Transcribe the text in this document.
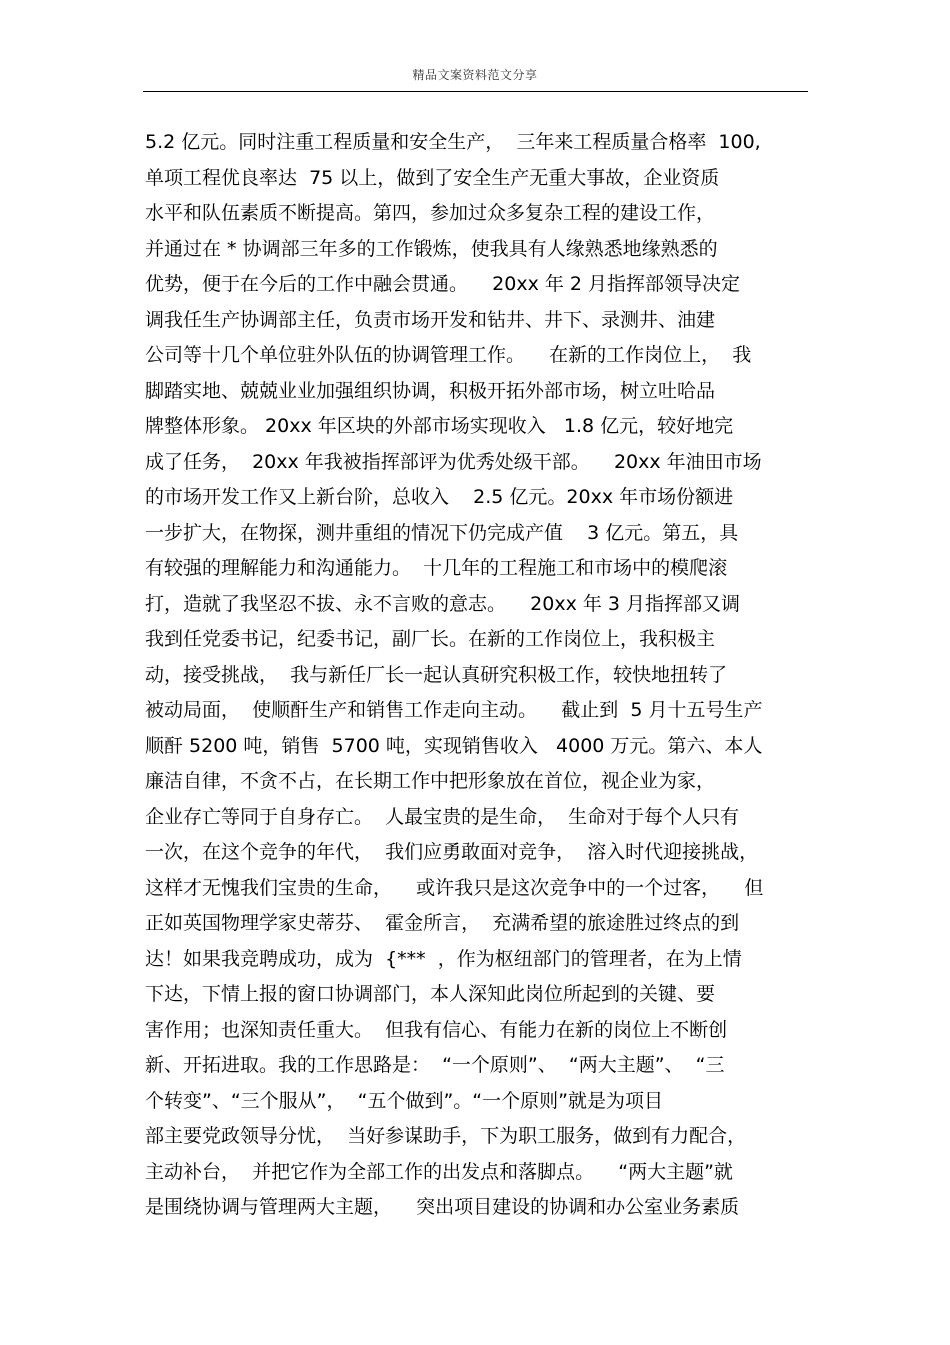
精品文案资料范文分享
5.2 亿元。同时注重工程质量和安全生产，  三年来工程质量合格率  100,
单项工程优良率达  75 以上，做到了安全生产无重大事故，企业资质
水平和队伍素质不断提高。第四，参加过众多复杂工程的建设工作，
并通过在 * 协调部三年多的工作锻炼，使我具有人缘熟悉地缘熟悉的
优势，便于在今后的工作中融会贯通。    20xx 年 2 月指挥部领导决定
调我任生产协调部主任，负责市场开发和钻井、井下、录测井、油建
公司等十几个单位驻外队伍的协调管理工作。    在新的工作岗位上，  我
脚踏实地、兢兢业业加强组织协调，积极开拓外部市场，树立吐哈品
牌整体形象。 20xx 年区块的外部市场实现收入   1.8 亿元，较好地完
成了任务，  20xx 年我被指挥部评为优秀处级干部。    20xx 年油田市场
的市场开发工作又上新台阶，总收入    2.5 亿元。20xx 年市场份额进
一步扩大，在物探，测井重组的情况下仍完成产值    3 亿元。第五，具
有较强的理解能力和沟通能力。  十几年的工程施工和市场中的模爬滚
打，造就了我坚忍不拔、永不言败的意志。    20xx 年 3 月指挥部又调
我到任党委书记，纪委书记，副厂长。在新的工作岗位上，我积极主
动，接受挑战，  我与新任厂长一起认真研究积极工作，较快地扭转了
被动局面，  使顺酐生产和销售工作走向主动。    截止到  5 月十五号生产
顺酐 5200 吨，销售  5700 吨，实现销售收入   4000 万元。第六、本人
廉洁自律，不贪不占，在长期工作中把形象放在首位，视企业为家，
企业存亡等同于自身存亡。  人最宝贵的是生命，  生命对于每个人只有
一次，在这个竞争的年代，  我们应勇敢面对竞争，  溶入时代迎接挑战，
这样才无愧我们宝贵的生命，    或许我只是这次竞争中的一个过客，    但
正如英国物理学家史蒂芬、  霍金所言，  充满希望的旅途胜过终点的到
达！如果我竞聘成功，成为  {***  ，作为枢纽部门的管理者，在为上情
下达，下情上报的窗口协调部门，本人深知此岗位所起到的关键、要
害作用；也深知责任重大。  但我有信心、有能力在新的岗位上不断创
新、开拓进取。我的工作思路是：  “一个原则”、  “两大主题”、  “三
个转变”、“三个服从”，  “五个做到”。“一个原则”就是为项目
部主要党政领导分忧，  当好参谋助手，下为职工服务，做到有力配合，
主动补台，  并把它作为全部工作的出发点和落脚点。    “两大主题”就
是围绕协调与管理两大主题，    突出项目建设的协调和办公室业务素质
